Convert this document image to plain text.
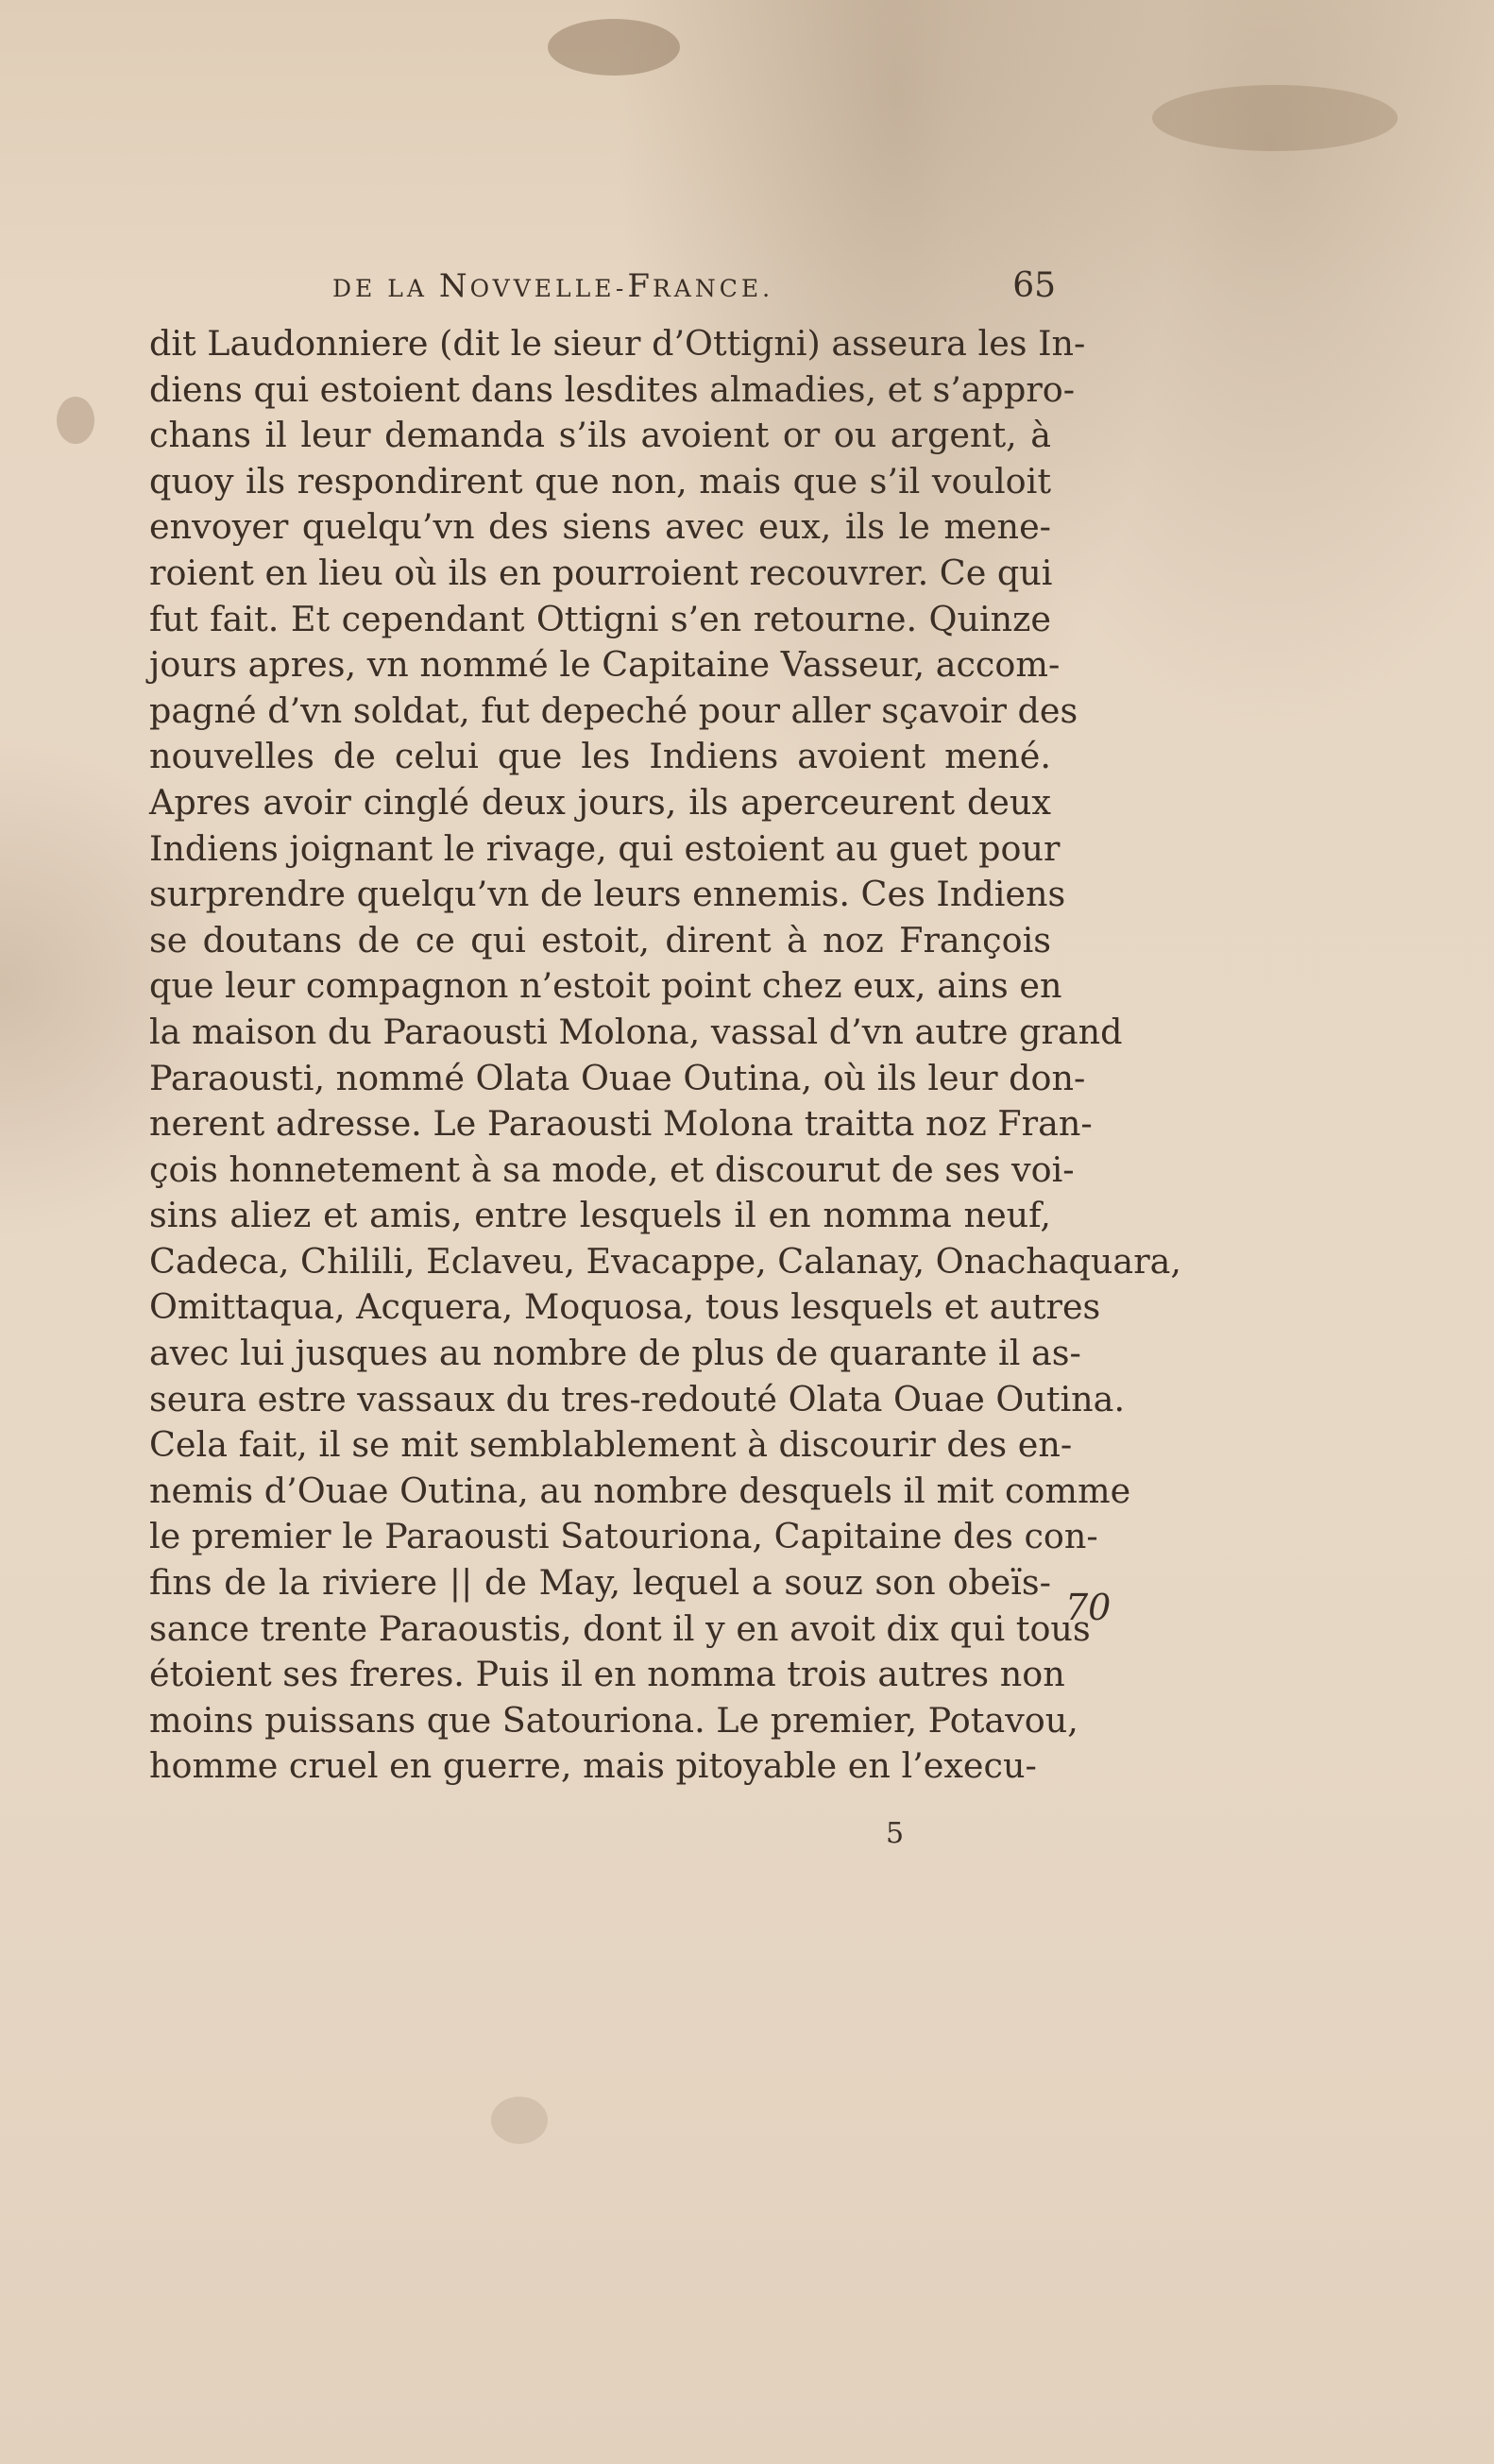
DE LA NOVVELLE-FRANCE.	65
dit Laudonniere (dit le sieur d’Ottigni) asseura les In-
diens qui estoient dans lesdites almadies, et s’appro-
chans il leur demanda s’ils avoient or ou argent, à
quoy ils respondirent que non, mais que s’il vouloit
envoyer quelqu’vn des siens avec eux, ils le mene-
roient en lieu où ils en pourroient recouvrer. Ce qui
fut fait. Et cependant Ottigni s’en retourne. Quinze
jours apres, vn nommé le Capitaine Vasseur, accom-
pagné d’vn soldat, fut depeché pour aller sçavoir des
nouvelles de celui que les Indiens avoient mené.
Apres avoir cinglé deux jours, ils aperceurent deux
Indiens joignant le rivage, qui estoient au guet pour
surprendre quelqu’vn de leurs ennemis. Ces Indiens
se doutans de ce qui estoit, dirent à noz François
que leur compagnon n’estoit point chez eux, ains en
la maison du Paraousti Molona, vassal d’vn autre grand
Paraousti, nommé Olata Ouae Outina, où ils leur don-
nerent adresse. Le Paraousti Molona traitta noz Fran-
çois honnetement à sa mode, et discourut de ses voi-
sins aliez et amis, entre lesquels il en nomma neuf,
Cadeca, Chilili, Eclaveu, Evacappe, Calanay, Onachaquara,
Omittaqua, Acquera, Moquosa, tous lesquels et autres
avec lui jusques au nombre de plus de quarante il as-
seura estre vassaux du tres-redouté Olata Ouae Outina.
Cela fait, il se mit semblablement à discourir des en-
nemis d’Ouae Outina, au nombre desquels il mit comme
le premier le Paraousti Satouriona, Capitaine des con-
fins de la riviere || de May, lequel a souz son obeïs-
sance trente Paraoustis, dont il y en avoit dix qui tous
étoient ses freres. Puis il en nomma trois autres non
moins puissans que Satouriona. Le premier, Potavou,
homme cruel en guerre, mais pitoyable en l’execu-
70
5
